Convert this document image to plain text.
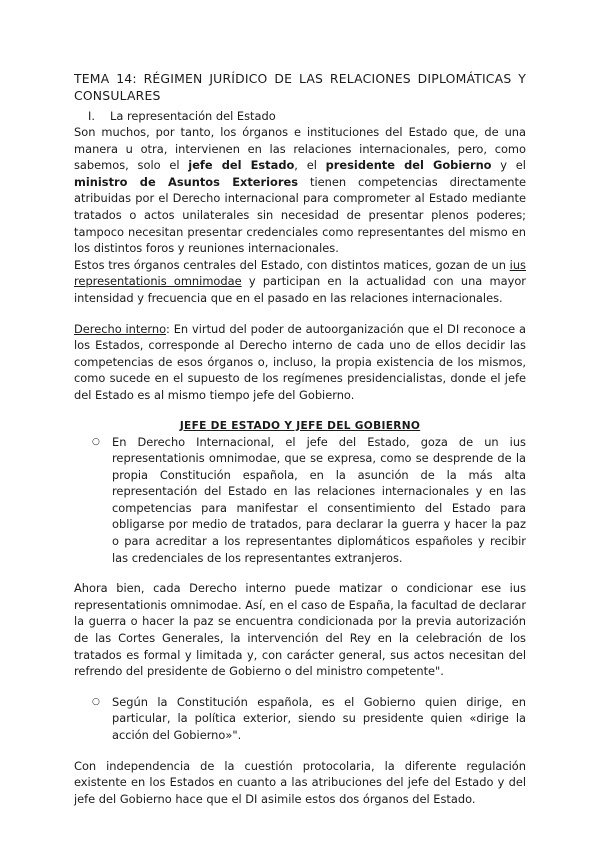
TEMA 14: RÉGIMEN JURÍDICO DE LAS RELACIONES DIPLOMÁTICAS Y CONSULARES
I. La representación del Estado

Son muchos, por tanto, los órganos e instituciones del Estado que, de una manera u otra, intervienen en las relaciones internacionales, pero, como sabemos, solo el jefe del Estado, el presidente del Gobierno y el ministro de Asuntos Exteriores tienen competencias directamente atribuidas por el Derecho internacional para comprometer al Estado mediante tratados o actos unilaterales sin necesidad de presentar plenos poderes; tampoco necesitan presentar credenciales como representantes del mismo en los distintos foros y reuniones internacionales.

Estos tres órganos centrales del Estado, con distintos matices, gozan de un ius representationis omnimodae y participan en la actualidad con una mayor intensidad y frecuencia que en el pasado en las relaciones internacionales.

Derecho interno: En virtud del poder de autoorganización que el DI reconoce a los Estados, corresponde al Derecho interno de cada uno de ellos decidir las competencias de esos órganos o, incluso, la propia existencia de los mismos, como sucede en el supuesto de los regímenes presidencialistas, donde el jefe del Estado es al mismo tiempo jefe del Gobierno.

JEFE DE ESTADO Y JEFE DEL GOBIERNO
○ En Derecho Internacional, el jefe del Estado, goza de un ius representationis omnimodae, que se expresa, como se desprende de la propia Constitución española, en la asunción de la más alta representación del Estado en las relaciones internacionales y en las competencias para manifestar el consentimiento del Estado para obligarse por medio de tratados, para declarar la guerra y hacer la paz o para acreditar a los representantes diplomáticos españoles y recibir las credenciales de los representantes extranjeros.

Ahora bien, cada Derecho interno puede matizar o condicionar ese ius representationis omnimodae. Así, en el caso de España, la facultad de declarar la guerra o hacer la paz se encuentra condicionada por la previa autorización de las Cortes Generales, la intervención del Rey en la celebración de los tratados es formal y limitada y, con carácter general, sus actos necesitan del refrendo del presidente de Gobierno o del ministro competente".

○ Según la Constitución española, es el Gobierno quien dirige, en particular, la política exterior, siendo su presidente quien «dirige la acción del Gobierno»".

Con independencia de la cuestión protocolaria, la diferente regulación existente en los Estados en cuanto a las atribuciones del jefe del Estado y del jefe del Gobierno hace que el DI asimile estos dos órganos del Estado.
